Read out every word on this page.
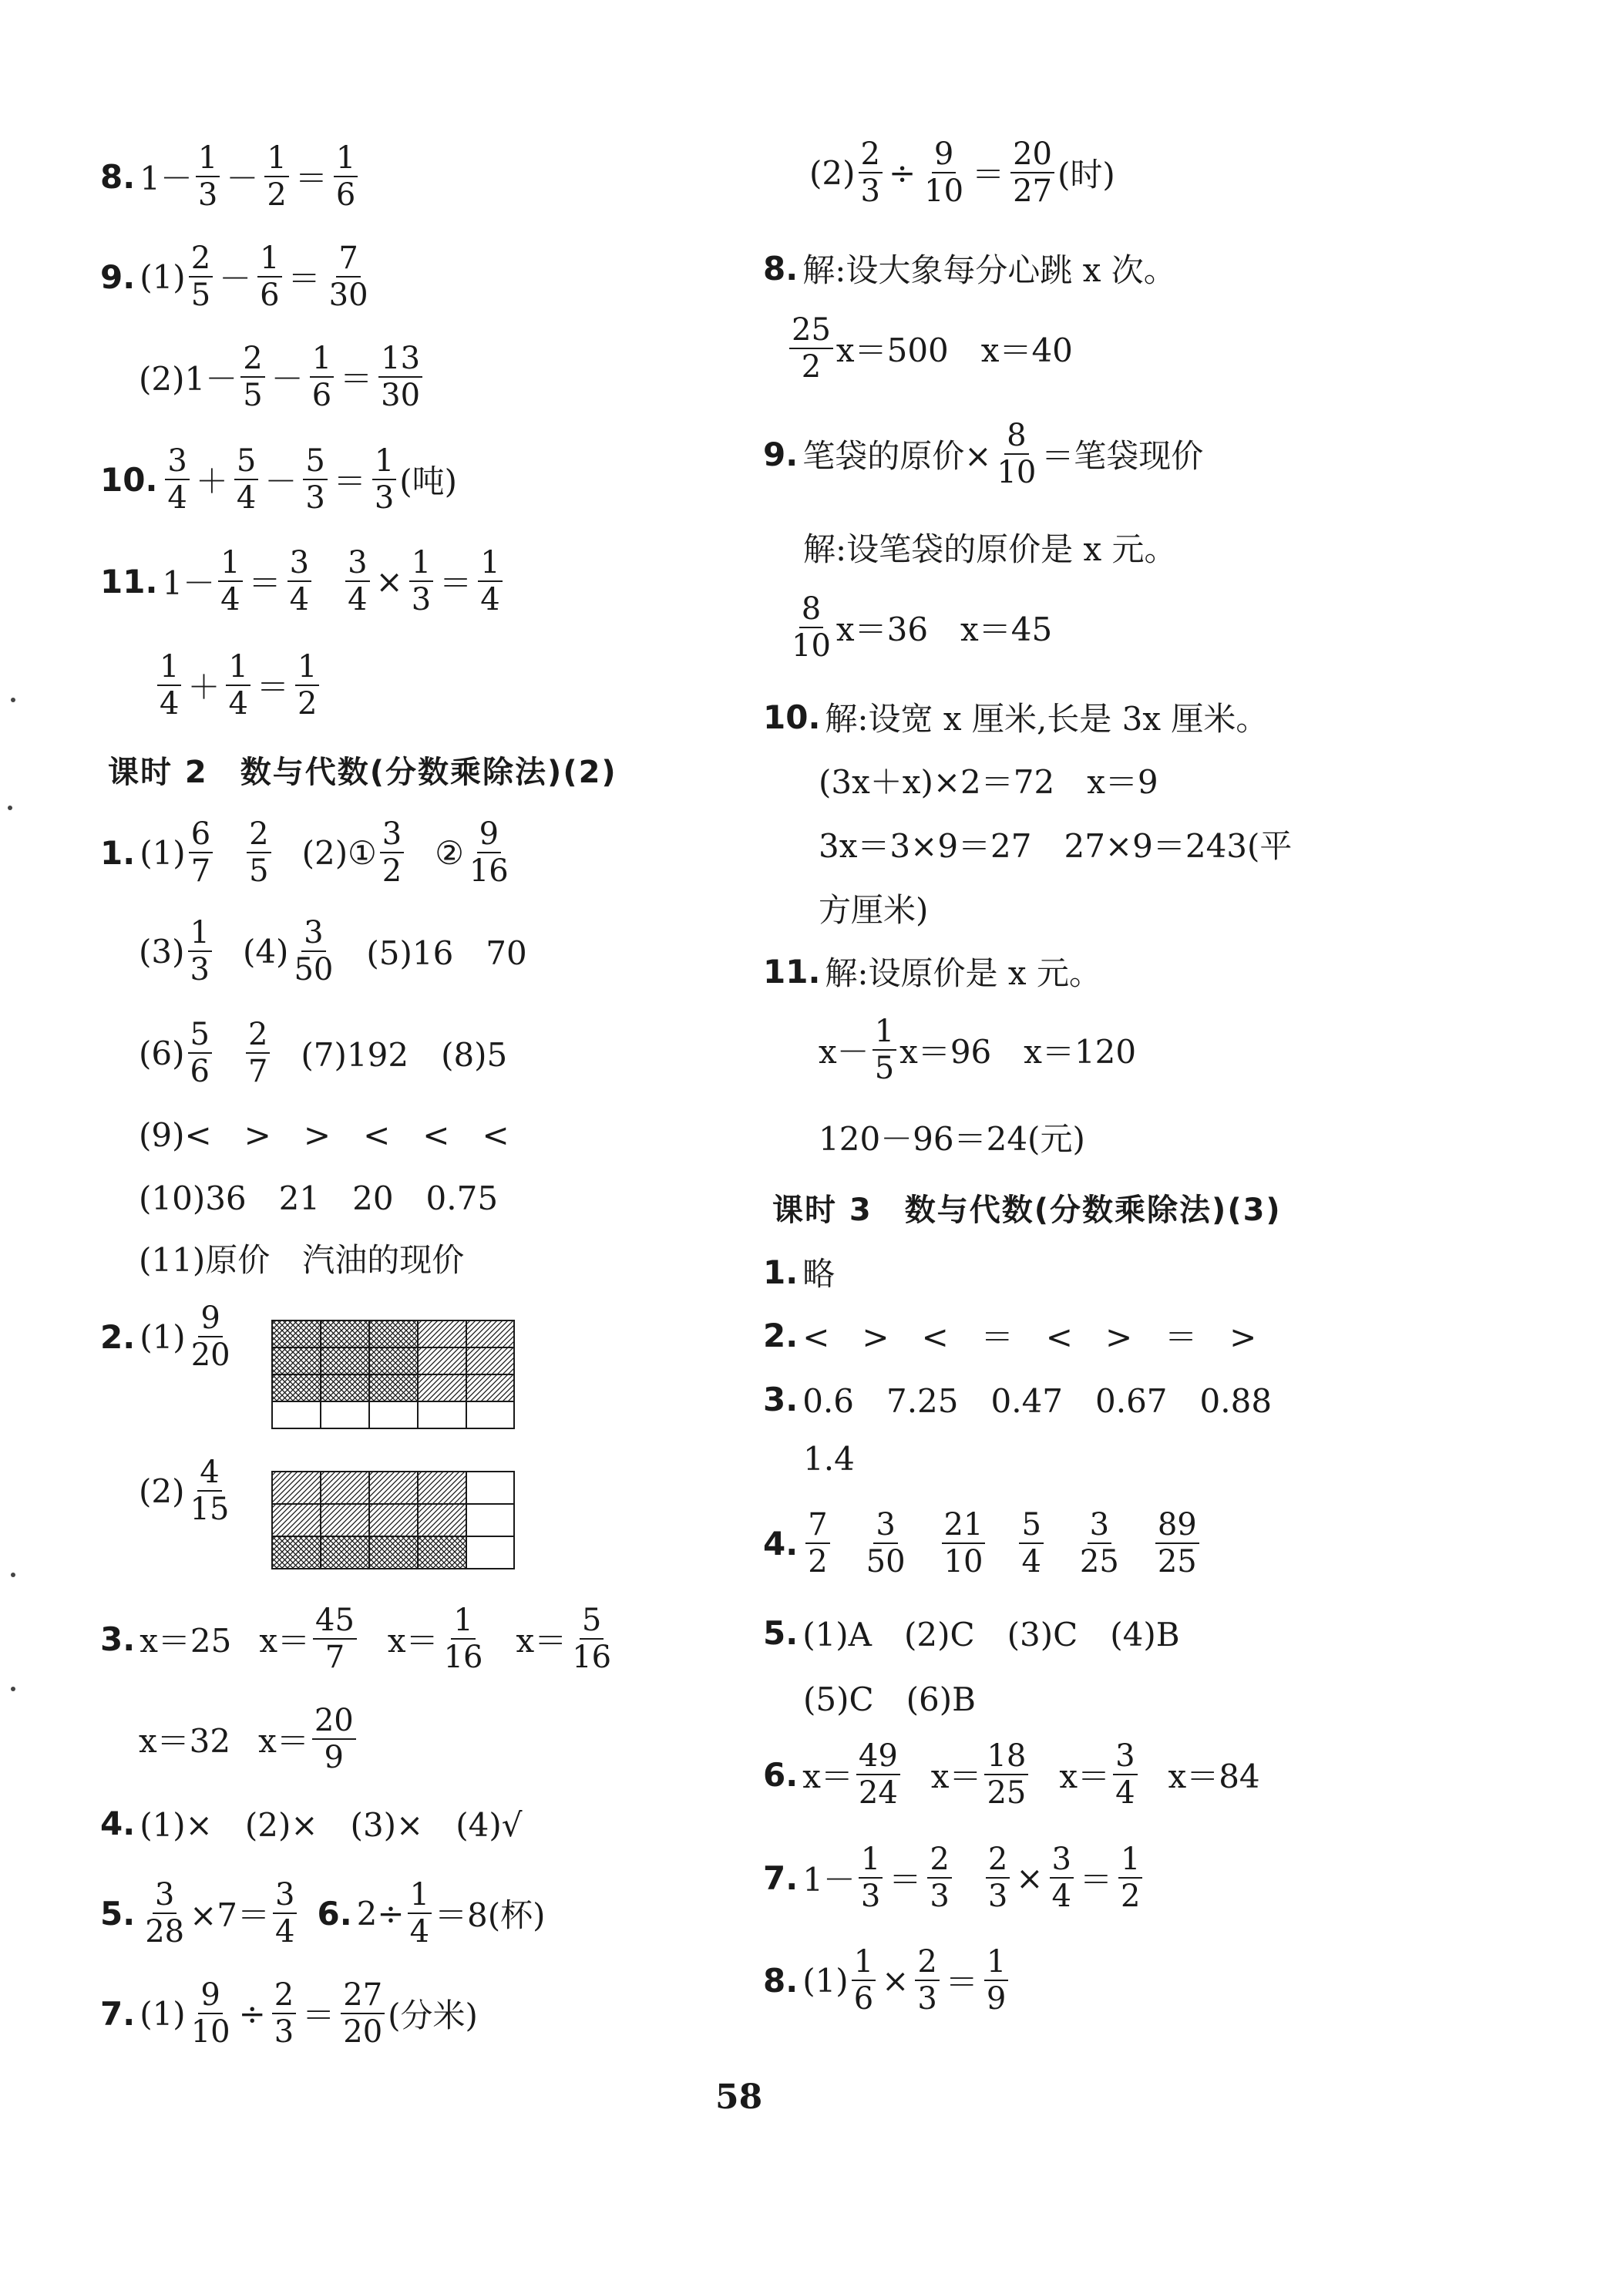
8. $1- \frac{1}{3} - \frac{1}{2} = \frac{1}{6}$
9. $(1) \frac{2}{5} - \frac{1}{6} = \frac{7}{30}$
$(2)1- \frac{2}{5} - \frac{1}{6} = \frac{13}{30}$
10. $\frac{3}{4} + \frac{5}{4} - \frac{5}{3} = \frac{1}{3}$ (吨)
11. $1- \frac{1}{4} = \frac{3}{4} \frac{3}{4} \times \frac{1}{3} = \frac{1}{4}$
$\frac{1}{4} + \frac{1}{4} = \frac{1}{2}$
课时 2　数与代数(分数乘除法)(2)
1. $(1) \frac{6}{7} \frac{2}{5}$ (2)① $\frac{3}{2}$ ② $\frac{9}{16}$
$(3) \frac{1}{3} (4) \frac{3}{50} (5)16$　70
$(6) \frac{5}{6} \frac{2}{7} (7)192$　(8)5
(9)<　>　>　<　<　<
(10)36　21　20　0.75
(11)原价　汽油的现价
2. $(1) \frac{9}{20}$
$(2) \frac{4}{15}$
3. x＝25 $x= \frac{45}{7} x= \frac{1}{16} x= \frac{5}{16}$
x＝32 $x= \frac{20}{9}$
4. (1)×　(2)×　(3)×　(4)√
5. $\frac{3}{28} \times 7= \frac{3}{4} 6$. $2\div \frac{1}{4} =8$(杯)
7. $(1) \frac{9}{10} \div \frac{2}{3} = \frac{27}{20}$ (分米)
$(2) \frac{2}{3} \div \frac{9}{10} = \frac{20}{27}$ (时)
8. 解:设大象每分心跳 x 次。
$\frac{25}{2} x=500$　x＝40
9. 笔袋的原价× $\frac{8}{10}$ ＝笔袋现价
解:设笔袋的原价是 x 元。
$\frac{8}{10} x=36$　x＝45
10. 解:设宽 x 厘米,长是 3x 厘米。
(3x＋x)×2＝72　x＝9
3x＝3×9＝27　27×9＝243(平
方厘米)
11. 解:设原价是 x 元。
$x- \frac{1}{5} x=96$　x＝120
120－96＝24(元)
课时 3　数与代数(分数乘除法)(3)
1. 略
2. <　>　<　＝　<　>　＝　>
3. 0.6　7.25　0.47　0.67　0.88
1.4
4. $\frac{7}{2} \frac{3}{50} \frac{21}{10} \frac{5}{4} \frac{3}{25} \frac{89}{25}$
5. (1)A　(2)C　(3)C　(4)B
(5)C　(6)B
6. $x= \frac{49}{24} x= \frac{18}{25} x= \frac{3}{4} x=84$
7. $1- \frac{1}{3} = \frac{2}{3} \frac{2}{3} \times \frac{3}{4} = \frac{1}{2}$
8. $(1) \frac{1}{6} \times \frac{2}{3} = \frac{1}{9}$
58
